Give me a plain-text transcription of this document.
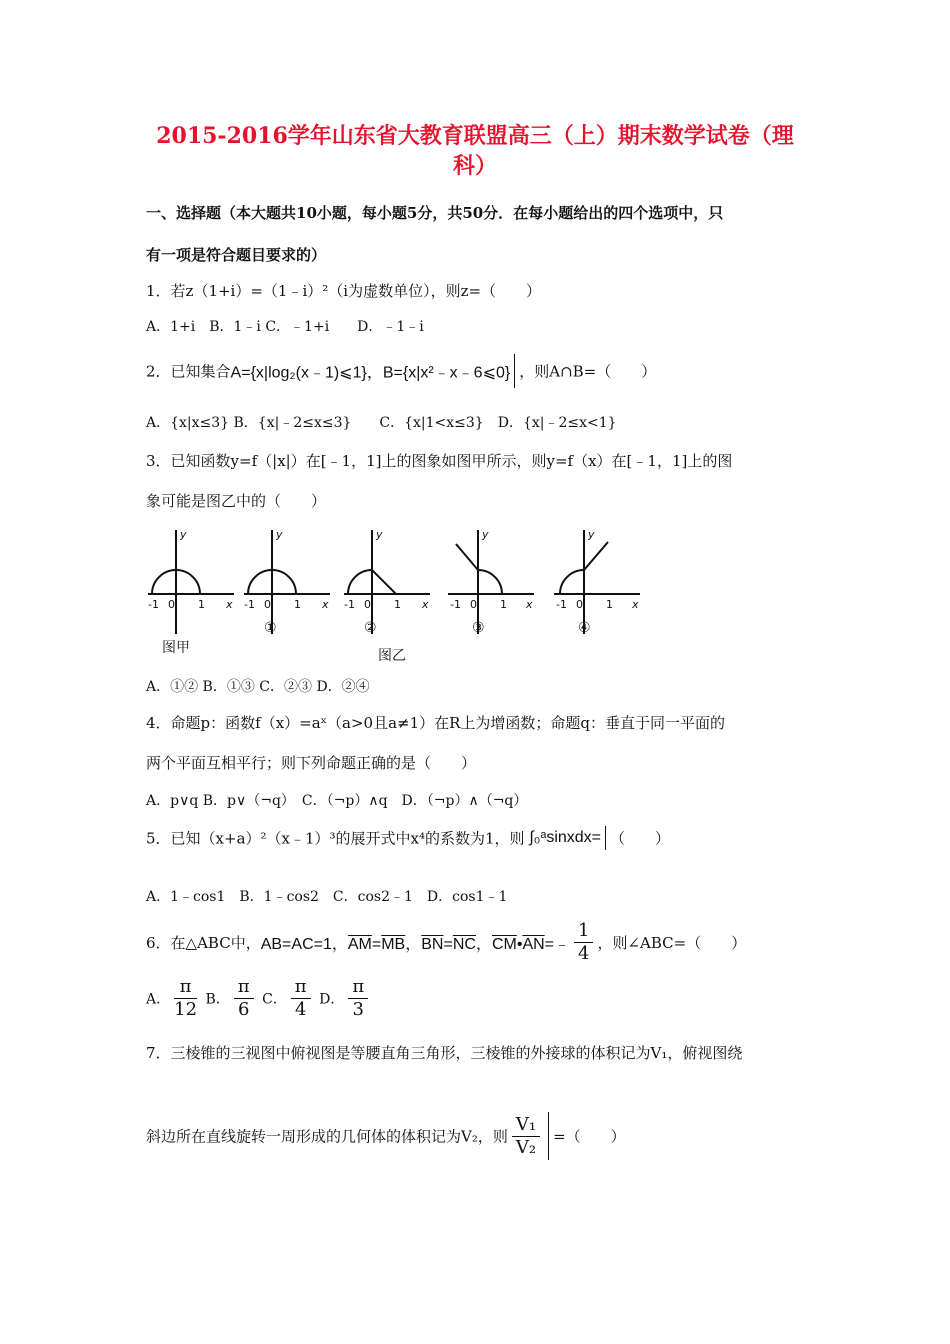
2015-2016学年山东省大教育联盟高三（上）期末数学试卷（理
科）
一、选择题（本大题共10小题，每小题5分，共50分．在每小题给出的四个选项中，只
有一项是符合题目要求的）
1．若z（1+i）=（1﹣i）²（i为虚数单位），则z=（　　）
A．1+i　B．1﹣i C．﹣1+i　　D．﹣1﹣i
2．已知集合A={x|log₂(x﹣1)⩽1}，B={x|x²﹣x﹣6⩽0} ，则A∩B=（　　）
A．{x|x≤3} B．{x|﹣2≤x≤3}　　C．{x|1<x≤3}　D．{x|﹣2≤x<1}
3．已知函数y=f（|x|）在[﹣1，1]上的图象如图甲所示，则y=f（x）在[﹣1，1]上的图
象可能是图乙中的（　　）
y
x
-1 0 1
y
x
-1 0 1
y
x
-1 0 1
y
x
-1 0 1
y
x
-1 0 1
图甲
①	②	③	④
图乙
A．①② B．①③ C．②③ D．②④
4．命题p：函数f（x）=aˣ（a>0且a≠1）在R上为增函数；命题q：垂直于同一平面的
两个平面互相平行；则下列命题正确的是（　　）
A．p∨q B．p∨（¬q）　C．（¬p）∧q　D．（¬p）∧（¬q）
5．已知（x+a）²（x﹣1）³的展开式中x⁴的系数为1，则 ∫₀ᵃsinxdx= （　　）
A．1﹣cos1　B．1﹣cos2　C．cos2﹣1　D．cos1﹣1
6．在△ABC中，AB=AC=1，$\overline{AM}=\overline{MB}$，$\overline{BN}=\overline{NC}$，$\overline{CM}•\overline{AN}=﹣ \frac{1}{4}$ ，则∠ABC=（　　）
A． $\frac{\pi}{12}$ B． $\frac{\pi}{6}$ C． $\frac{\pi}{4}$ D． $\frac{\pi}{3}$
7．三棱锥的三视图中俯视图是等腰直角三角形，三棱锥的外接球的体积记为V₁，俯视图绕
斜边所在直线旋转一周形成的几何体的体积记为V₂，则 $\frac{\text{V₁}}{\text{V₂}}$ =（　　）
